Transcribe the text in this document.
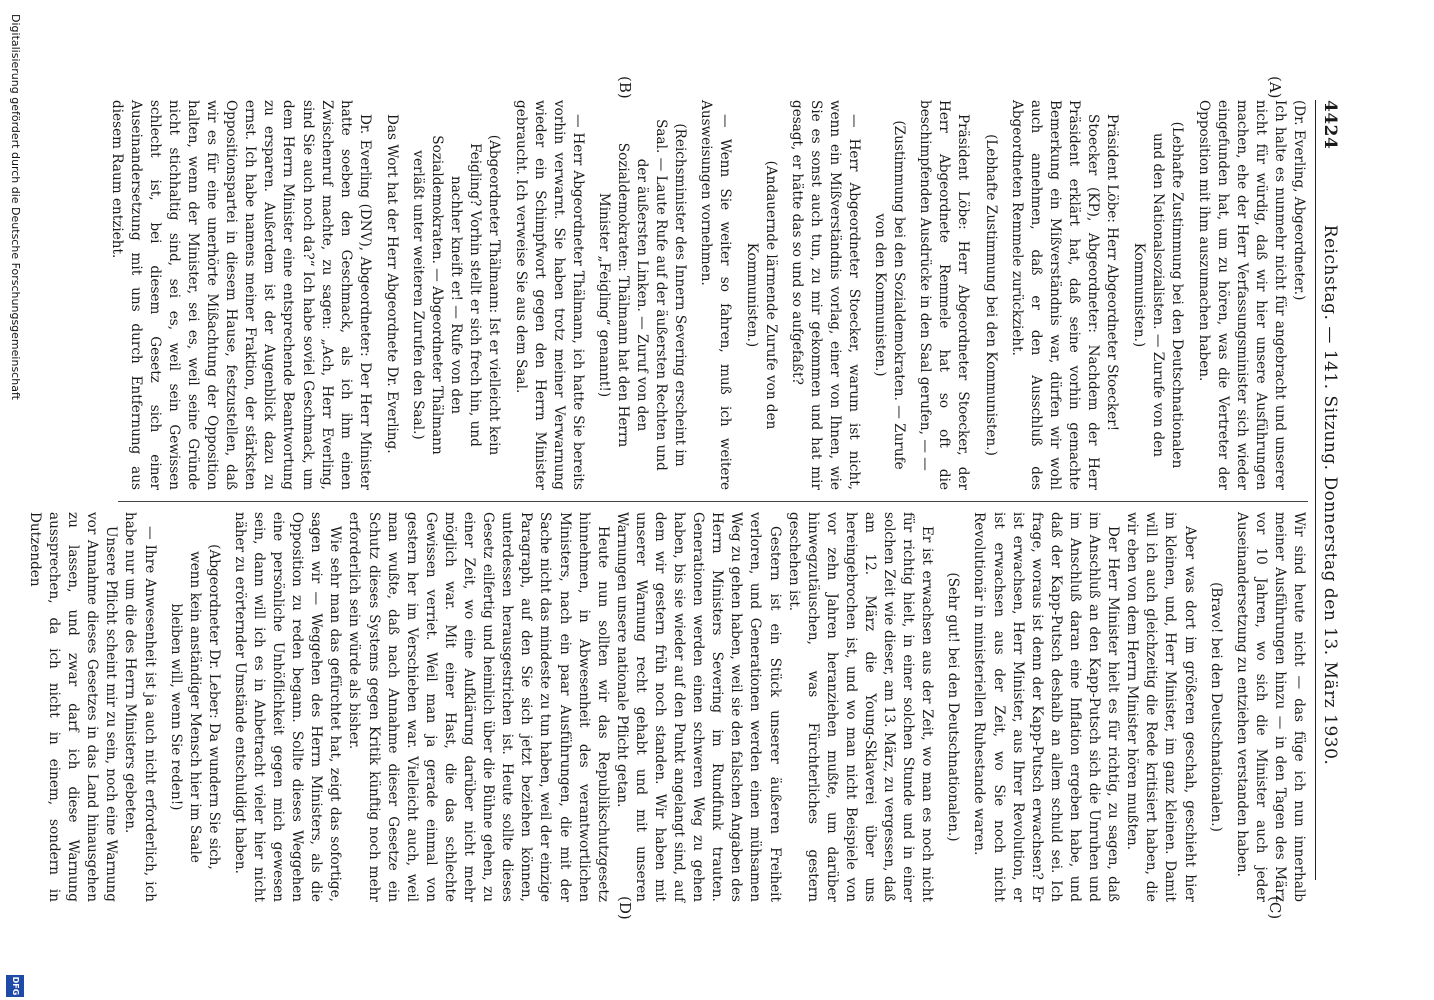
4424
Reichstag. — 141. Sitzung. Donnerstag den 13. März 1930.
(A)
(B)
(C)
(D)

(Dr. Everling, Abgeordneter.)

Ich halte es nunmehr nicht für angebracht und unserer nicht für würdig, daß wir hier unsere Ausführungen machen, ehe der Herr Verfassungsminister sich wieder eingefunden hat, um zu hören, was die Vertreter der Opposition mit ihm auszumachen haben.

(Lebhafte Zustimmung bei den Deutschnationalen und den Nationalsozialisten. — Zurufe von den Kommunisten.)

Präsident Löbe: Herr Abgeordneter Stoecker!

Stoecker (KP), Abgeordneter: Nachdem der Herr Präsident erklärt hat, daß seine vorhin gemachte Bemerkung ein Mißverständnis war, dürfen wir wohl auch annehmen, daß er den Ausschluß des Abgeordneten Remmele zurückzieht.

(Lebhafte Zustimmung bei den Kommunisten.)

Präsident Löbe: Herr Abgeordneter Stoecker, der Herr Abgeordnete Remmele hat so oft die beschimpfenden Ausdrücke in den Saal gerufen, — —

(Zustimmung bei den Sozialdemokraten. — Zurufe von den Kommunisten.)

— Herr Abgeordneter Stoecker, warum ist nicht, wenn ein Mißverständnis vorlag, einer von Ihnen, wie Sie es sonst auch tun, zu mir gekommen und hat mir gesagt, er hätte das so und so aufgefaßt?

(Andauernde lärmende Zurufe von den Kommunisten.)

— Wenn Sie weiter so fahren, muß ich weitere Ausweisungen vornehmen.

(Reichsminister des Innern Severing erscheint im Saal. — Laute Rufe auf der äußersten Rechten und der äußersten Linken. — Zuruf von den Sozialdemokraten: Thälmann hat den Herrn Minister „Feigling“ genannt!)

— Herr Abgeordneter Thälmann, ich hatte Sie bereits vorhin verwarnt. Sie haben trotz meiner Verwarnung wieder ein Schimpfwort gegen den Herrn Minister gebraucht. Ich verweise Sie aus dem Saal.

(Abgeordneter Thälmann: Ist er vielleicht kein Feigling? Vorhin stellt er sich frech hin, und nachher kneift er! — Rufe von den Sozialdemokraten. — Abgeordneter Thälmann verläßt unter weiteren Zurufen den Saal.)

Das Wort hat der Herr Abgeordnete Dr. Everling.

Dr. Everling (DNV), Abgeordneter: Der Herr Minister hatte soeben den Geschmack, als ich ihm einen Zwischenruf machte, zu sagen: „Ach, Herr Everling, sind Sie auch noch da?“ Ich habe soviel Geschmack, um dem Herrn Minister eine entsprechende Beantwortung zu ersparen. Außerdem ist der Augenblick dazu zu ernst. Ich habe namens meiner Fraktion, der stärksten Oppositionspartei in diesem Hause, festzustellen, daß wir es für eine unerhörte Mißachtung der Opposition halten, wenn der Minister, sei es, weil seine Gründe nicht stichhaltig sind, sei es, weil sein Gewissen schlecht ist, bei diesem Gesetz sich einer Auseinandersetzung mit uns durch Entfernung aus diesem Raum entzieht.

Wir sind heute nicht — das füge ich nun innerhalb meiner Ausführungen hinzu — in den Tagen des März vor 10 Jahren, wo sich die Minister auch jeder Auseinandersetzung zu entziehen verstanden haben.

(Bravo! bei den Deutschnationalen.)

Aber was dort im größeren geschah, geschieht hier im kleinen, und, Herr Minister, im ganz kleinen. Damit will ich auch gleichzeitig die Rede kritisiert haben, die wir eben von dem Herrn Minister hören mußten.

Der Herr Minister hielt es für richtig, zu sagen, daß im Anschluß an den Kapp-Putsch sich die Unruhen und im Anschluß daran eine Inflation ergeben habe, und daß der Kapp-Putsch deshalb an allem schuld sei. Ich frage, woraus ist denn der Kapp-Putsch erwachsen? Er ist erwachsen, Herr Minister, aus Ihrer Revolution, er ist erwachsen aus der Zeit, wo Sie noch nicht Revolutionär in ministeriellen Ruhestande waren.

(Sehr gut! bei den Deutschnationalen.)

Er ist erwachsen aus der Zeit, wo man es noch nicht für richtig hielt, in einer solchen Stunde und in einer solchen Zeit wie dieser, am 13. März, zu vergessen, daß am 12. März die Young-Sklaverei über uns hereingebrochen ist, und wo man nicht Beispiele von vor zehn Jahren heranziehen mußte, um darüber hinwegzutäuschen, was Fürchterliches gestern geschehen ist.

Gestern ist ein Stück unserer äußeren Freiheit verloren, und Generationen werden einen mühsamen Weg zu gehen haben, weil sie den falschen Angaben des Herrn Ministers Severing im Rundfunk trauten. Generationen werden einen schweren Weg zu gehen haben, bis sie wieder auf den Punkt angelangt sind, auf dem wir gestern früh noch standen. Wir haben mit unserer Warnung recht gehabt und mit unseren Warnungen unsere nationale Pflicht getan.

Heute nun sollten wir das Republikschutzgesetz hinnehmen, in Abwesenheit des verantwortlichen Ministers, nach ein paar Ausführungen, die mit der Sache nicht das mindeste zu tun haben, weil der einzige Paragraph, auf den Sie sich jetzt beziehen können, unterdessen herausgestrichen ist. Heute sollte dieses Gesetz eilfertig und heimlich über die Bühne gehen, zu einer Zeit, wo eine Aufklärung darüber nicht mehr möglich war. Mit einer Hast, die das schlechte Gewissen verriet. Weil man ja gerade einmal von gestern her im Verschieben war. Vielleicht auch, weil man wußte, daß nach Annahme dieser Gesetze ein Schutz dieses Systems gegen Kritik künftig noch mehr erforderlich sein würde als bisher.

Wie sehr man das gefürchtet hat, zeigt das sofortige, sagen wir — Weggehen des Herrn Ministers, als die Opposition zu reden begann. Sollte dieses Weggehen eine persönliche Unhöflichkeit gegen mich gewesen sein, dann will ich es in Anbetracht vieler hier nicht näher zu erörternder Umstände entschuldigt haben.

(Abgeordneter Dr. Leber: Da wundern Sie sich, wenn kein anständiger Mensch hier im Saale bleiben will, wenn Sie reden!)

— Ihre Anwesenheit ist ja auch nicht erforderlich, ich habe nur um die des Herrn Ministers gebeten.

Unsere Pflicht scheint mir zu sein, noch eine Warnung vor Annahme dieses Gesetzes in das Land hinausgehen zu lassen, und zwar darf ich diese Warnung aussprechen, da ich nicht in einem, sondern in Dutzenden

Digitalisierung gefördert durch die Deutsche Forschungsgemeinschaft
DFG
